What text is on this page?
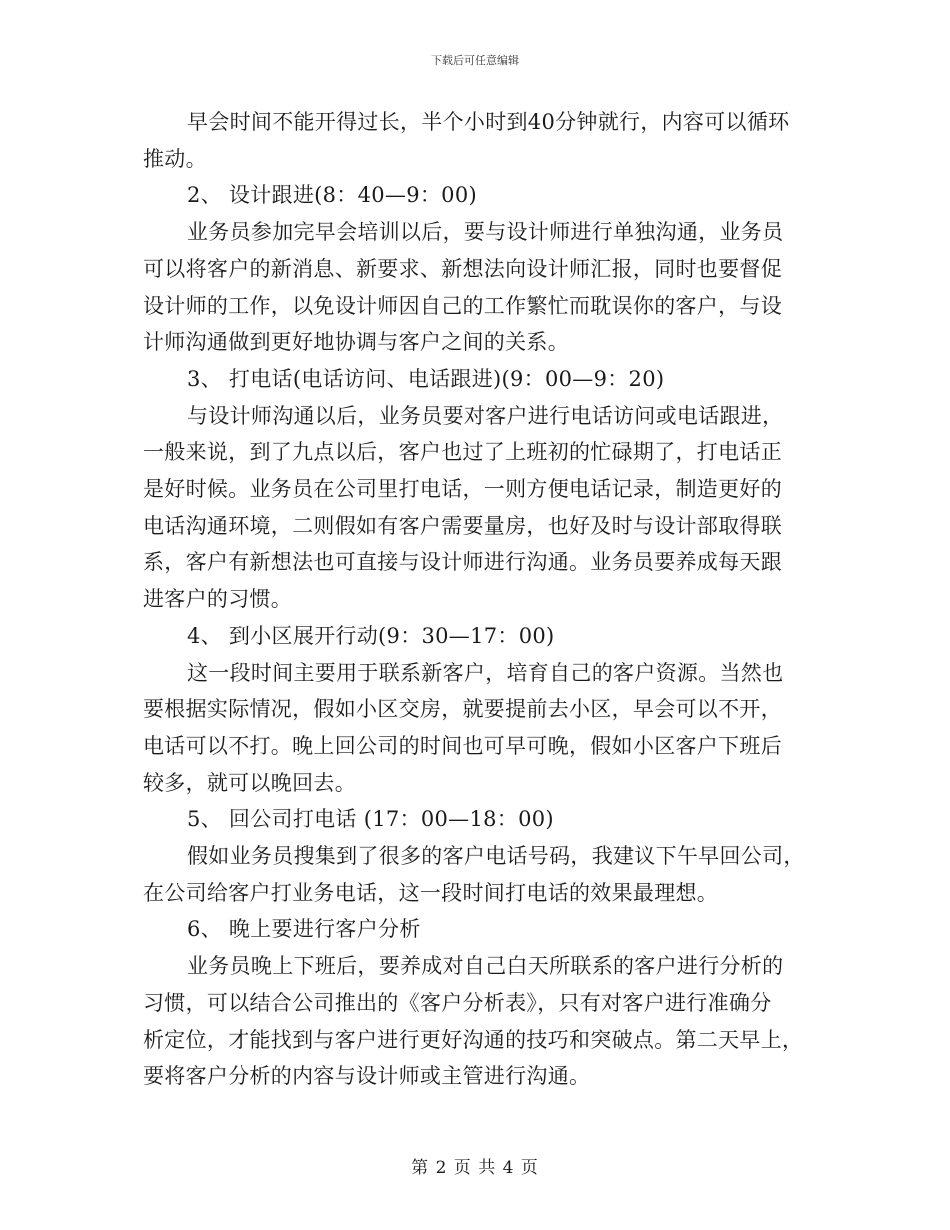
下载后可任意编辑
早会时间不能开得过长，半个小时到40分钟就行，内容可以循环
推动。
2、 设计跟进(8：40—9：00)
业务员参加完早会培训以后，要与设计师进行单独沟通，业务员
可以将客户的新消息、新要求、新想法向设计师汇报，同时也要督促
设计师的工作，以免设计师因自己的工作繁忙而耽误你的客户，与设
计师沟通做到更好地协调与客户之间的关系。
3、 打电话(电话访问、电话跟进)(9：00—9：20)
与设计师沟通以后，业务员要对客户进行电话访问或电话跟进，
一般来说，到了九点以后，客户也过了上班初的忙碌期了，打电话正
是好时候。业务员在公司里打电话，一则方便电话记录，制造更好的
电话沟通环境，二则假如有客户需要量房，也好及时与设计部取得联
系，客户有新想法也可直接与设计师进行沟通。业务员要养成每天跟
进客户的习惯。
4、 到小区展开行动(9：30—17：00)
这一段时间主要用于联系新客户，培育自己的客户资源。当然也
要根据实际情况，假如小区交房，就要提前去小区，早会可以不开，
电话可以不打。晚上回公司的时间也可早可晚，假如小区客户下班后
较多，就可以晚回去。
5、 回公司打电话 (17：00—18：00)
假如业务员搜集到了很多的客户电话号码，我建议下午早回公司，
在公司给客户打业务电话，这一段时间打电话的效果最理想。
6、 晚上要进行客户分析
业务员晚上下班后，要养成对自己白天所联系的客户进行分析的
习惯，可以结合公司推出的《客户分析表》，只有对客户进行准确分
析定位，才能找到与客户进行更好沟通的技巧和突破点。第二天早上，
要将客户分析的内容与设计师或主管进行沟通。
第 2 页 共 4 页
